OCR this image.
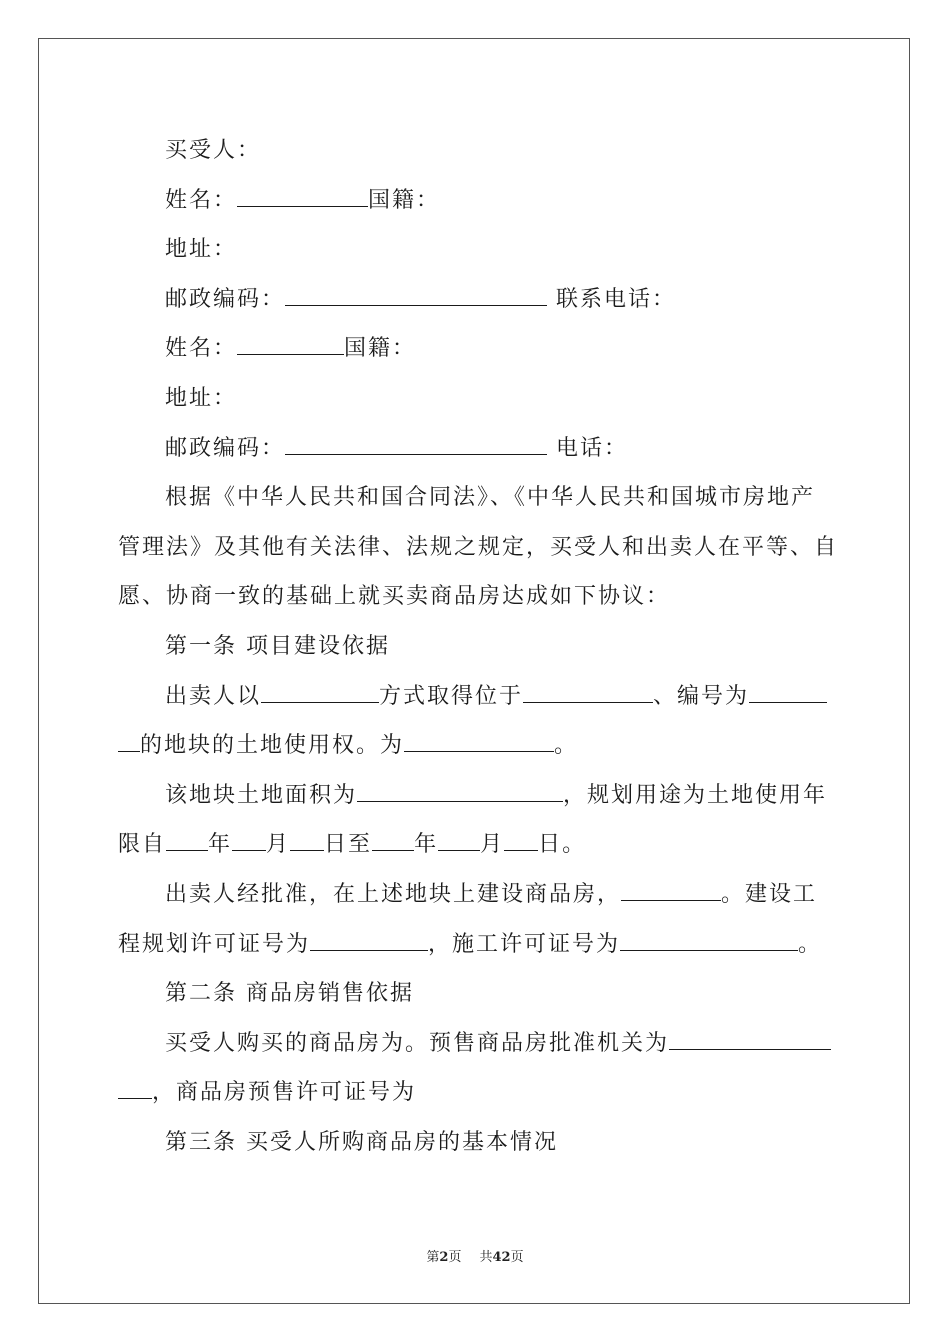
买受人：
姓名：	国籍：
地址：
邮政编码：	联系电话：
姓名：	国籍：
地址：
邮政编码：	电话：
根据《中华人民共和国合同法》、《中华人民共和国城市房地产
管理法》及其他有关法律、法规之规定，买受人和出卖人在平等、自
愿、协商一致的基础上就买卖商品房达成如下协议：
第一条 项目建设依据
出卖人以	方式取得位于	、编号为
的地块的土地使用权。为	。
该地块土地面积为	，规划用途为土地使用年
限自 年 月 日至 年 月 日。
出卖人经批准，在上述地块上建设商品房，	。建设工
程规划许可证号为	，施工许可证号为	。
第二条 商品房销售依据
买受人购买的商品房为。预售商品房批准机关为
，商品房预售许可证号为
第三条 买受人所购商品房的基本情况
第2页 共42页
